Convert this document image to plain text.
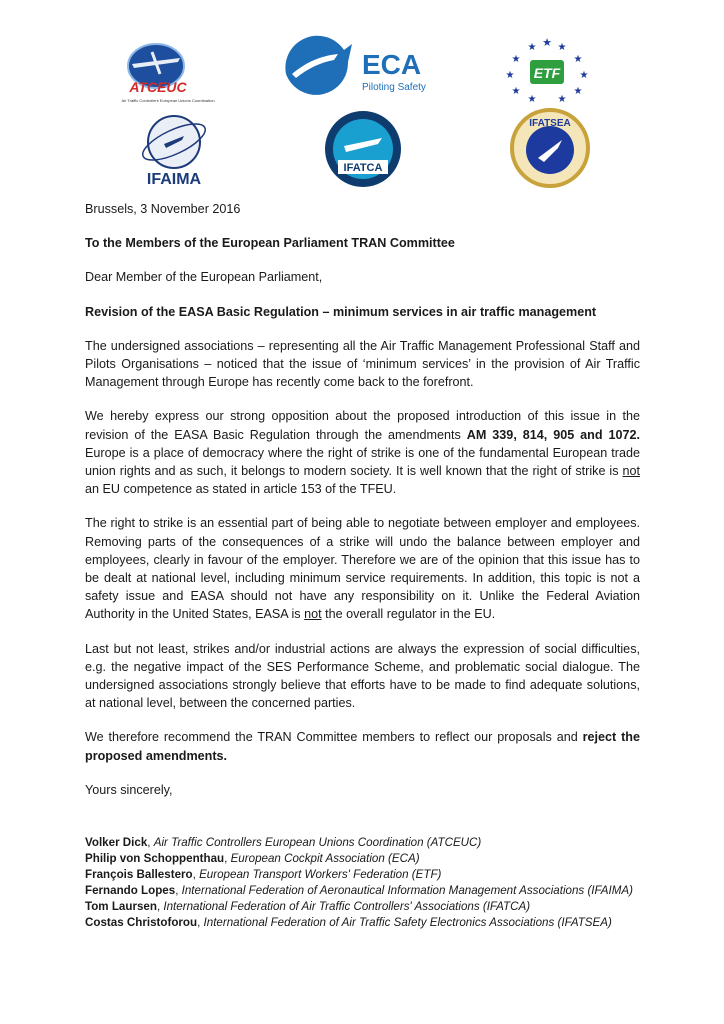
ATCEUC
Air Traffic Controllers European Unions Coordination
ECA
Piloting Safety
★
★ ★
★	★
★	★
★	★
★ ★
ETF
IFAIMA
IFATCA
IFATSEA

Brussels, 3 November 2016

To the Members of the European Parliament TRAN Committee

Dear Member of the European Parliament,

Revision of the EASA Basic Regulation – minimum services in air traffic management

The undersigned associations – representing all the Air Traffic Management Professional Staff and Pilots Organisations – noticed that the issue of ‘minimum services’ in the provision of Air Traffic Management through Europe has recently come back to the forefront.

We hereby express our strong opposition about the proposed introduction of this issue in the revision of the EASA Basic Regulation through the amendments AM 339, 814, 905 and 1072. Europe is a place of democracy where the right of strike is one of the fundamental European trade union rights and as such, it belongs to modern society. It is well known that the right of strike is not an EU competence as stated in article 153 of the TFEU.

The right to strike is an essential part of being able to negotiate between employer and employees. Removing parts of the consequences of a strike will undo the balance between employer and employees, clearly in favour of the employer. Therefore we are of the opinion that this issue has to be dealt at national level, including minimum service requirements. In addition, this topic is not a safety issue and EASA should not have any responsibility on it. Unlike the Federal Aviation Authority in the United States, EASA is not the overall regulator in the EU.

Last but not least, strikes and/or industrial actions are always the expression of social difficulties, e.g. the negative impact of the SES Performance Scheme, and problematic social dialogue. The undersigned associations strongly believe that efforts have to be made to find adequate solutions, at national level, between the concerned parties.

We therefore recommend the TRAN Committee members to reflect our proposals and reject the proposed amendments.

Yours sincerely,

Volker Dick, Air Traffic Controllers European Unions Coordination (ATCEUC)

Philip von Schoppenthau, European Cockpit Association (ECA)

François Ballestero, European Transport Workers' Federation (ETF)

Fernando Lopes, International Federation of Aeronautical Information Management Associations (IFAIMA)

Tom Laursen, International Federation of Air Traffic Controllers' Associations (IFATCA)

Costas Christoforou, International Federation of Air Traffic Safety Electronics Associations (IFATSEA)
